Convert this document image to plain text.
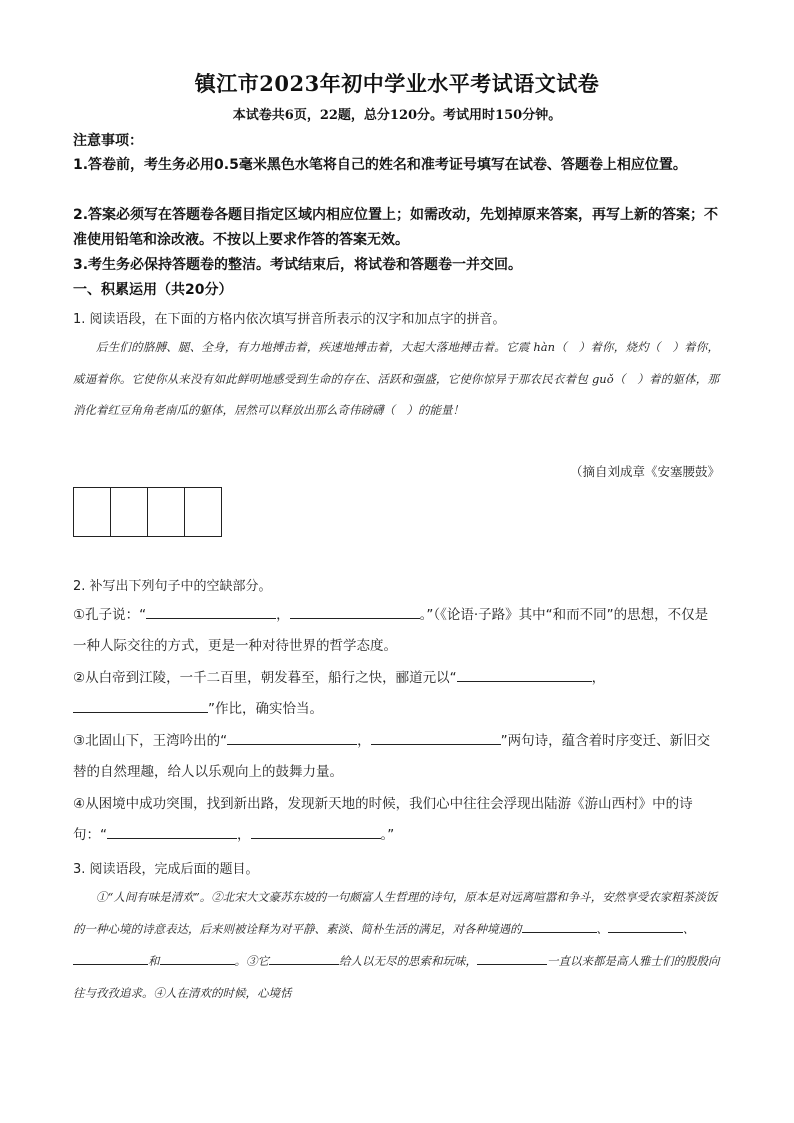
镇江市2023年初中学业水平考试语文试卷
本试卷共6页，22题，总分120分。考试用时150分钟。
注意事项：
1.答卷前，考生务必用0.5毫米黑色水笔将自己的姓名和准考证号填写在试卷、答题卷上相应位置。
2.答案必须写在答题卷各题目指定区域内相应位置上；如需改动，先划掉原来答案，再写上新的答案；不准使用铅笔和涂改液。不按以上要求作答的答案无效。
3.考生务必保持答题卷的整洁。考试结束后，将试卷和答题卷一并交回。
一、积累运用（共20分）
1. 阅读语段，在下面的方格内依次填写拼音所表示的汉字和加点字的拼音。
后生们的胳膊、腿、全身，有力地搏击着，疾速地搏击着，大起大落地搏击着。它震 hàn（　）着你，烧灼（　）着你，威逼着你。它使你从来没有如此鲜明地感受到生命的存在、活跃和强盛，它使你惊异于那农民衣着包 guǒ（　）着的躯体，那消化着红豆角角老南瓜的躯体，居然可以释放出那么奇伟磅礴（　）的能量！
（摘自刘成章《安塞腰鼓》
2. 补写出下列句子中的空缺部分。
①孔子说：“	，	。”（《论语·子路》其中“和而不同”的思想，不仅是一种人际交往的方式，更是一种对待世界的哲学态度。
②从白帝到江陵，一千二百里，朝发暮至，船行之快，郦道元以“	，”作比，确实恰当。
③北固山下，王湾吟出的“	，	”两句诗，蕴含着时序变迁、新旧交替的自然理趣，给人以乐观向上的鼓舞力量。
④从困境中成功突围，找到新出路，发现新天地的时候，我们心中往往会浮现出陆游《游山西村》中的诗句：“	，	。”
3. 阅读语段，完成后面的题目。
①“人间有味是清欢”。②北宋大文豪苏东坡的一句颇富人生哲理的诗句，原本是对远离喧嚣和争斗，安然享受农家粗茶淡饭的一种心境的诗意表达，后来则被诠释为对平静、素淡、简朴生活的满足，对各种境遇的	、	、和	。③它	给人以无尽的思索和玩味，	一直以来都是高人雅士们的殷殷向往与孜孜追求。④人在清欢的时候，心境恬
